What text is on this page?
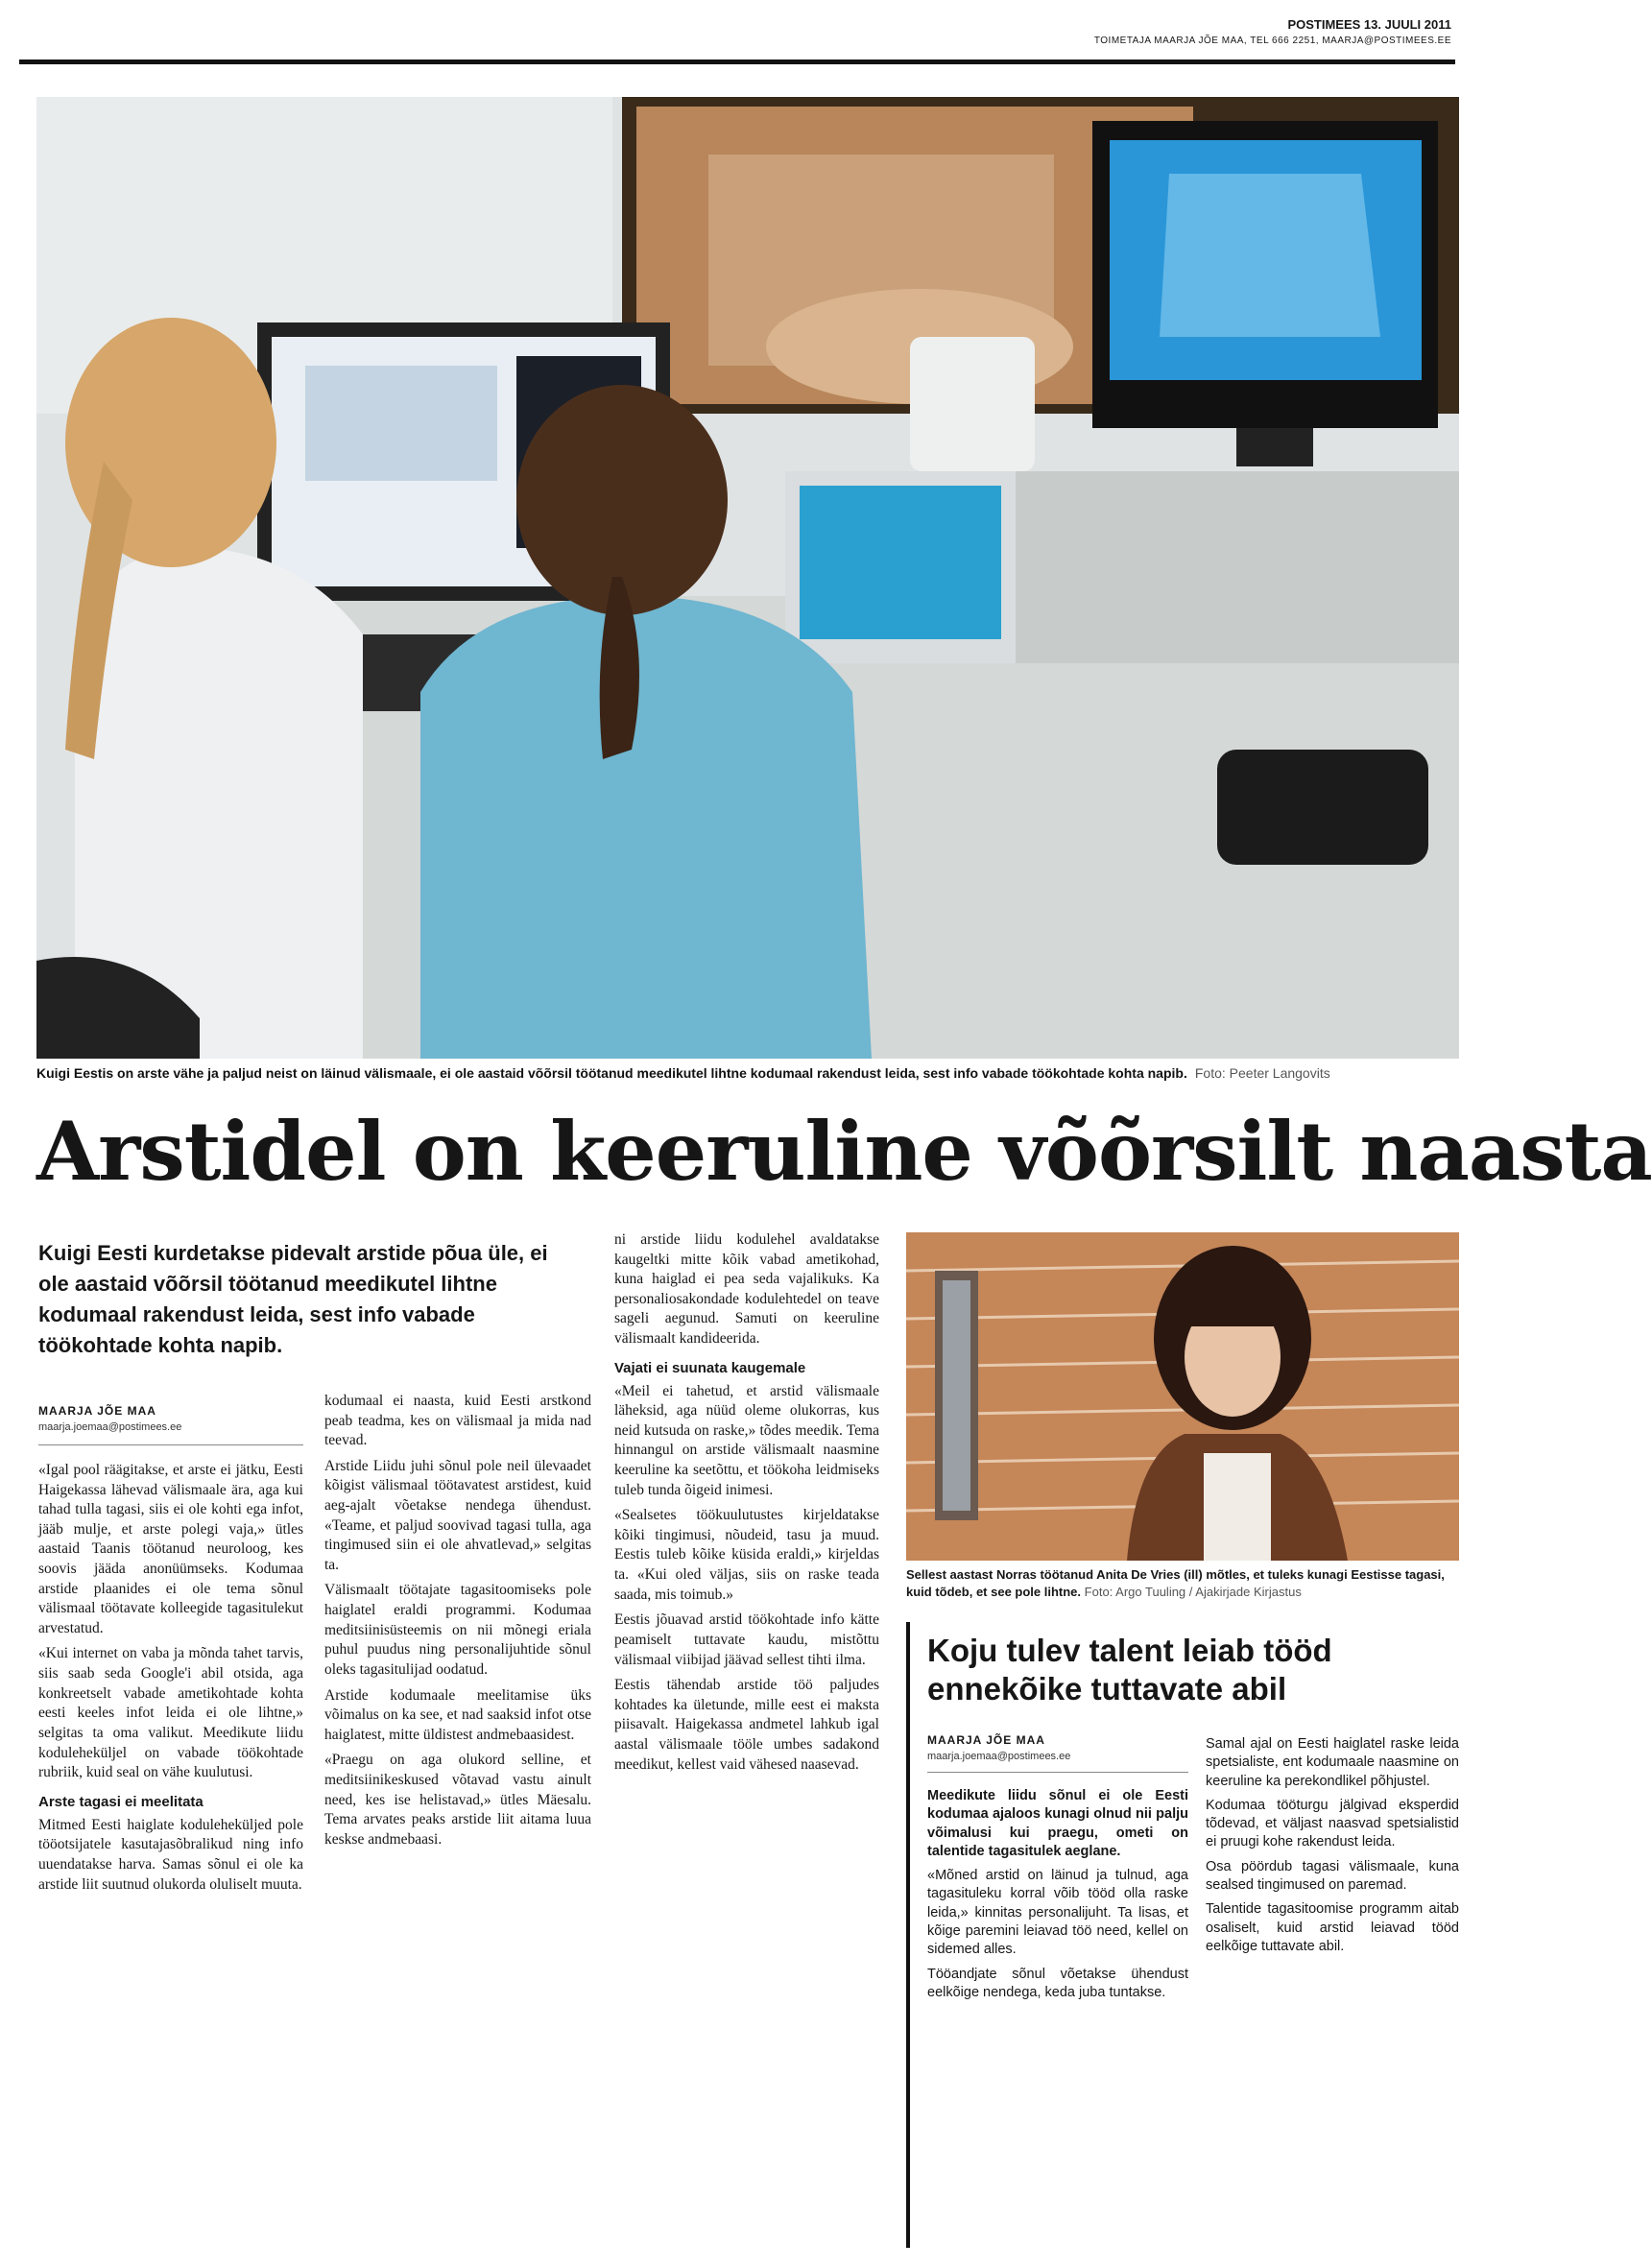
POSTIMEES 13. JUULI 2011
TOIMETAJA MAARJA JÕE MAA, TEL 666 2251, MAARJA@POSTIMEES.EE
Kuigi Eestis on arste vähe ja paljud neist on läinud välismaale, ei ole aastaid võõrsil töötanud meedikutel lihtne kodumaal rakendust leida, sest info vabade töökohtade kohta napib. Foto: Peeter Langovits
Arstidel on keeruline võõrsilt naasta

Kuigi Eesti kurdetakse pidevalt arstide põua üle, ei ole aastaid võõrsil töötanud meedikutel lihtne kodumaal rakendust leida, sest info vabade töökohtade kohta napib.

MAARJA JÕE MAA
maarja.joemaa@postimees.ee

«Igal pool räägitakse, et arste ei jätku, Eesti Haigekassa lähevad välismaale ära, aga kui tahad tulla tagasi, siis ei ole kohti ega infot, jääb mulje, et arste polegi vaja,» ütles aastaid Taanis töötanud neuroloog, kes soovis jääda anonüümseks. Kodumaa arstide plaanides ei ole tema sõnul välismaal töötavate kolleegide tagasitulekut arvestatud.

«Kui internet on vaba ja mõnda tahet tarvis, siis saab seda Google'i abil otsida, aga konkreetselt vabade ametikohtade kohta eesti keeles infot leida ei ole lihtne,» selgitas ta oma valikut. Meedikute liidu koduleheküljel on vabade töökohtade rubriik, kuid seal on vähe kuulutusi.

Arste tagasi ei meelitata

Mitmed Eesti haiglate koduleheküljed pole tööotsijatele kasutajasõbralikud ning info uuendatakse harva. Samas sõnul ei ole ka arstide liit suutnud olukorda oluliselt muuta.

kodumaal ei naasta, kuid Eesti arstkond peab teadma, kes on välismaal ja mida nad teevad.

Arstide Liidu juhi sõnul pole neil ülevaadet kõigist välismaal töötavatest arstidest, kuid aeg-ajalt võetakse nendega ühendust. «Teame, et paljud soovivad tagasi tulla, aga tingimused siin ei ole ahvatlevad,» selgitas ta.

Välismaalt töötajate tagasitoomiseks pole haiglatel eraldi programmi. Kodumaa meditsiinisüsteemis on nii mõnegi eriala puhul puudus ning personalijuhtide sõnul oleks tagasitulijad oodatud.

Arstide kodumaale meelitamise üks võimalus on ka see, et nad saaksid infot otse haiglatest, mitte üldistest andmebaasidest.

«Praegu on aga olukord selline, et meditsiinikeskused võtavad vastu ainult need, kes ise helistavad,» ütles Mäesalu. Tema arvates peaks arstide liit aitama luua keskse andmebaasi.

ni arstide liidu kodulehel avaldatakse kaugeltki mitte kõik vabad ametikohad, kuna haiglad ei pea seda vajalikuks. Ka personaliosakondade kodulehtedel on teave sageli aegunud. Samuti on keeruline välismaalt kandideerida.

Vajati ei suunata kaugemale

«Meil ei tahetud, et arstid välismaale läheksid, aga nüüd oleme olukorras, kus neid kutsuda on raske,» tõdes meedik. Tema hinnangul on arstide välismaalt naasmine keeruline ka seetõttu, et töökoha leidmiseks tuleb tunda õigeid inimesi.

«Sealsetes töökuulutustes kirjeldatakse kõiki tingimusi, nõudeid, tasu ja muud. Eestis tuleb kõike küsida eraldi,» kirjeldas ta. «Kui oled väljas, siis on raske teada saada, mis toimub.»

Eestis jõuavad arstid töökohtade info kätte peamiselt tuttavate kaudu, mistõttu välismaal viibijad jäävad sellest tihti ilma.

Eestis tähendab arstide töö paljudes kohtades ka ületunde, mille eest ei maksta piisavalt. Haigekassa andmetel lahkub igal aastal välismaale tööle umbes sadakond meedikut, kellest vaid vähesed naasevad.

Sellest aastast Norras töötanud Anita De Vries (ill) mõtles, et tuleks kunagi Eestisse tagasi, kuid tõdeb, et see pole lihtne. Foto: Argo Tuuling / Ajakirjade Kirjastus
Koju tulev talent leiab tööd ennekõike tuttavate abil
MAARJA JÕE MAA
maarja.joemaa@postimees.ee

Meedikute liidu sõnul ei ole Eesti kodumaa ajaloos kunagi olnud nii palju võimalusi kui praegu, ometi on talentide tagasitulek aeglane.

«Mõned arstid on läinud ja tulnud, aga tagasituleku korral võib tööd olla raske leida,» kinnitas personalijuht. Ta lisas, et kõige paremini leiavad töö need, kellel on sidemed alles.

Tööandjate sõnul võetakse ühendust eelkõige nendega, keda juba tuntakse.

Samal ajal on Eesti haiglatel raske leida spetsialiste, ent kodumaale naasmine on keeruline ka perekondlikel põhjustel.

Kodumaa tööturgu jälgivad eksperdid tõdevad, et väljast naasvad spetsialistid ei pruugi kohe rakendust leida.

Osa pöördub tagasi välismaale, kuna sealsed tingimused on paremad.

Talentide tagasitoomise programm aitab osaliselt, kuid arstid leiavad tööd eelkõige tuttavate abil.
